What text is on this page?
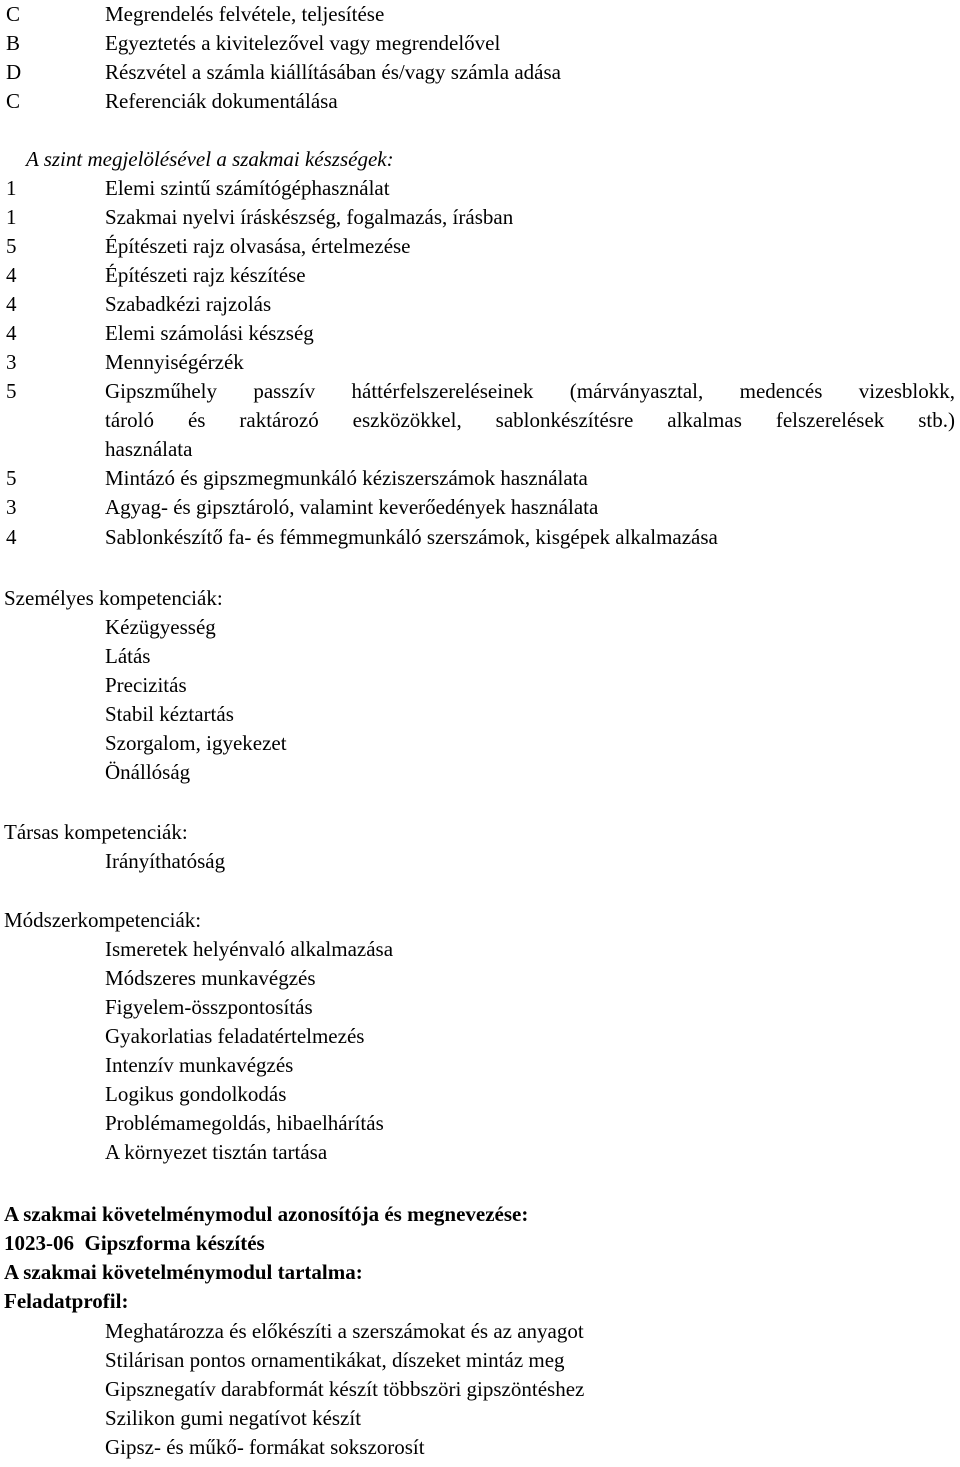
C	Megrendelés felvétele, teljesítése
B	Egyeztetés a kivitelezővel vagy megrendelővel
D	Részvétel a számla kiállításában és/vagy számla adása
C	Referenciák dokumentálása
A szint megjelölésével a szakmai készségek:
1	Elemi szintű számítógéphasználat
1	Szakmai nyelvi íráskészség, fogalmazás, írásban
5	Építészeti rajz olvasása, értelmezése
4	Építészeti rajz készítése
4	Szabadkézi rajzolás
4	Elemi számolási készség
3	Mennyiségérzék
5	Gipszműhely passzív háttérfelszereléseinek (márványasztal, medencés vizesblokk,
tároló és raktározó eszközökkel, sablonkészítésre alkalmas felszerelések stb.)
használata
5	Mintázó és gipszmegmunkáló kéziszerszámok használata
3	Agyag- és gipsztároló, valamint keverőedények használata
4	Sablonkészítő fa- és fémmegmunkáló szerszámok, kisgépek alkalmazása
Személyes kompetenciák:
Kézügyesség
Látás
Precizitás
Stabil kéztartás
Szorgalom, igyekezet
Önállóság
Társas kompetenciák:
Irányíthatóság
Módszerkompetenciák:
Ismeretek helyénvaló alkalmazása
Módszeres munkavégzés
Figyelem-összpontosítás
Gyakorlatias feladatértelmezés
Intenzív munkavégzés
Logikus gondolkodás
Problémamegoldás, hibaelhárítás
A környezet tisztán tartása
A szakmai követelménymodul azonosítója és megnevezése:
1023-06  Gipszforma készítés
A szakmai követelménymodul tartalma:
Feladatprofil:
Meghatározza és előkészíti a szerszámokat és az anyagot
Stilárisan pontos ornamentikákat, díszeket mintáz meg
Gipsznegatív darabformát készít többszöri gipszöntéshez
Szilikon gumi negatívot készít
Gipsz- és műkő- formákat sokszorosít
